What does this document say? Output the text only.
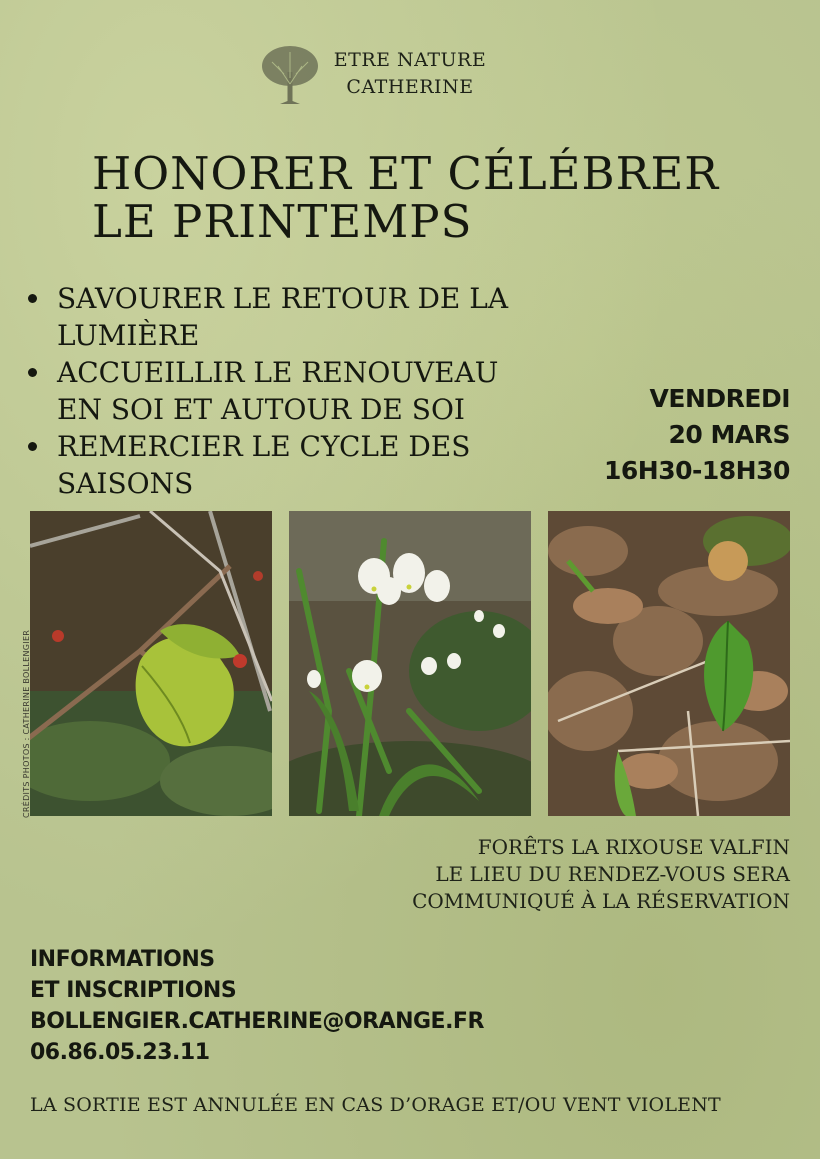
ETRE NATURE
CATHERINE
HONORER ET CÉLÉBRER
LE PRINTEMPS
SAVOURER LE RETOUR DE LA
LUMIÈRE
ACCUEILLIR LE RENOUVEAU
EN SOI ET AUTOUR DE SOI
REMERCIER LE CYCLE DES
SAISONS
VENDREDI
20 MARS
16H30-18H30
CRÉDITS PHOTOS : CATHERINE BOLLENGIER
FORÊTS LA RIXOUSE VALFIN
LE LIEU DU RENDEZ-VOUS SERA
COMMUNIQUÉ À LA RÉSERVATION
INFORMATIONS
ET INSCRIPTIONS
BOLLENGIER.CATHERINE@ORANGE.FR
06.86.05.23.11
LA SORTIE EST ANNULÉE EN CAS D’ORAGE ET/OU VENT VIOLENT
